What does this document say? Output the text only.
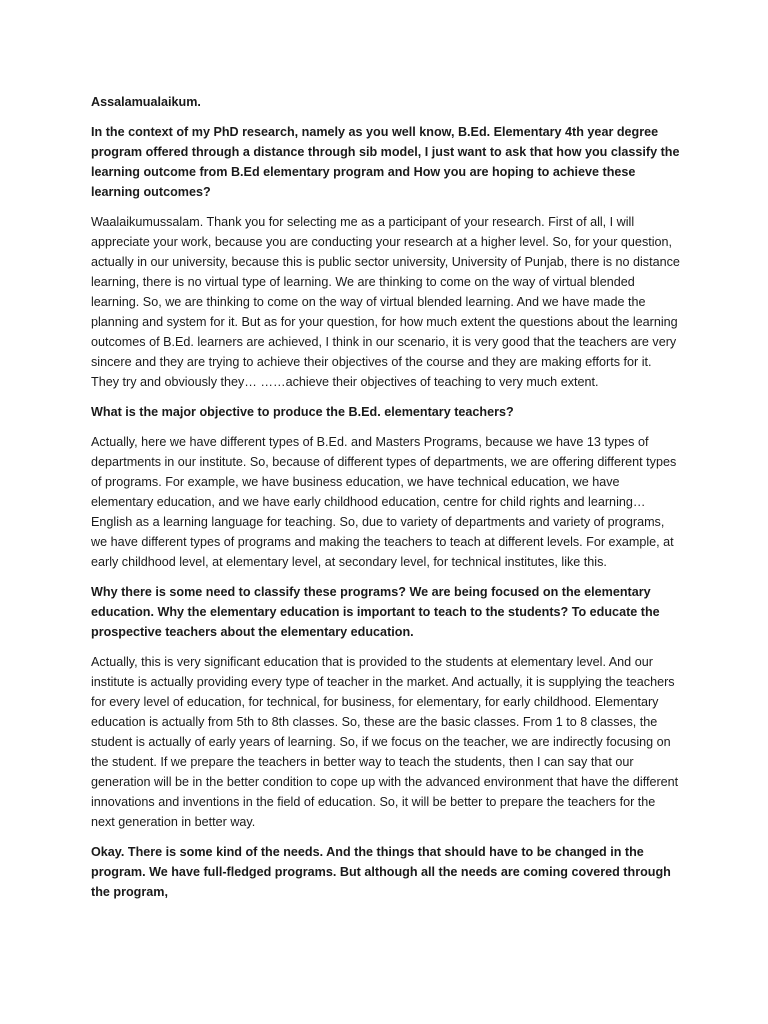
Assalamualaikum.

In the context of my PhD research, namely as you well know, B.Ed. Elementary 4th year degree program offered through a distance through sib model, I just want to ask that how you classify the learning outcome from B.Ed elementary program and How you are hoping to achieve these learning outcomes?

Waalaikumussalam. Thank you for selecting me as a participant of your research. First of all, I will appreciate your work, because you are conducting your research at a higher level. So, for your question, actually in our university, because this is public sector university, University of Punjab, there is no distance learning, there is no virtual type of learning. We are thinking to come on the way of virtual blended learning. So, we are thinking to come on the way of virtual blended learning. And we have made the planning and system for it. But as for your question, for how much extent the questions about the learning outcomes of B.Ed. learners are achieved, I think in our scenario, it is very good that the teachers are very sincere and they are trying to achieve their objectives of the course and they are making efforts for it. They try and obviously they… ……achieve their objectives of teaching to very much extent.

What is the major objective to produce the B.Ed. elementary teachers?

Actually, here we have different types of B.Ed. and Masters Programs, because we have 13 types of departments in our institute. So, because of different types of departments, we are offering different types of programs. For example, we have business education, we have technical education, we have elementary education, and we have early childhood education, centre for child rights and learning… English as a learning language for teaching. So, due to variety of departments and variety of programs, we have different types of programs and making the teachers to teach at different levels. For example, at early childhood level, at elementary level, at secondary level, for technical institutes, like this.

Why there is some need to classify these programs? We are being focused on the elementary education. Why the elementary education is important to teach to the students? To educate the prospective teachers about the elementary education.

Actually, this is very significant education that is provided to the students at elementary level. And our institute is actually providing every type of teacher in the market. And actually, it is supplying the teachers for every level of education, for technical, for business, for elementary, for early childhood. Elementary education is actually from 5th to 8th classes. So, these are the basic classes. From 1 to 8 classes, the student is actually of early years of learning. So, if we focus on the teacher, we are indirectly focusing on the student. If we prepare the teachers in better way to teach the students, then I can say that our generation will be in the better condition to cope up with the advanced environment that have the different innovations and inventions in the field of education. So, it will be better to prepare the teachers for the next generation in better way.

Okay. There is some kind of the needs. And the things that should have to be changed in the program. We have full-fledged programs. But although all the needs are coming covered through the program,
